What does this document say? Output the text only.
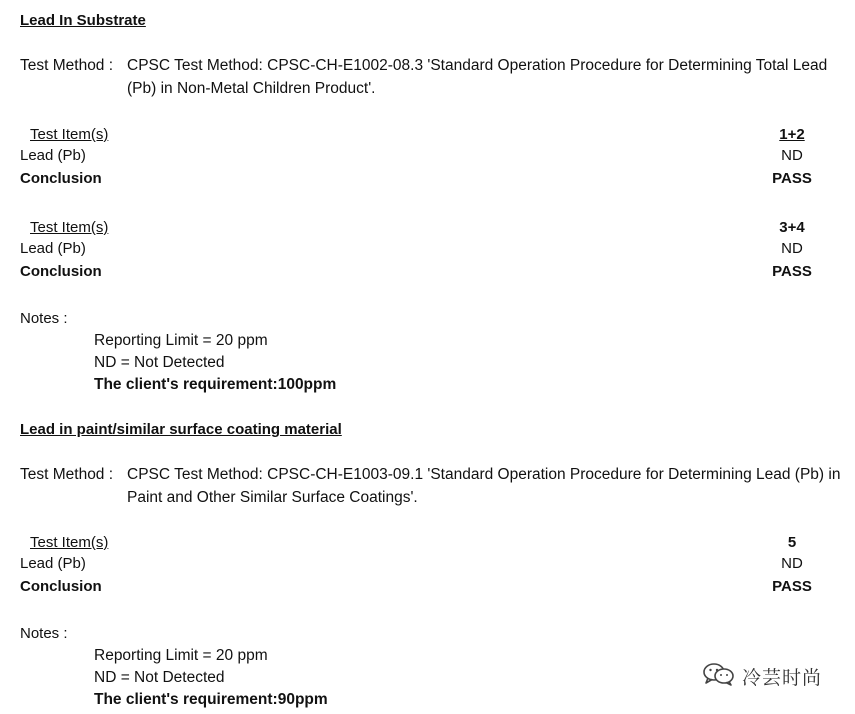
Lead In Substrate
Test Method : CPSC Test Method: CPSC-CH-E1002-08.3 'Standard Operation Procedure for Determining Total Lead (Pb) in Non-Metal Children Product'.
Test Item(s)	1+2
Lead (Pb)	ND
Conclusion	PASS
Test Item(s)	3+4
Lead (Pb)	ND
Conclusion	PASS
Notes :
Reporting Limit = 20 ppm
ND = Not Detected
The client's requirement:100ppm
Lead in paint/similar surface coating material
Test Method : CPSC Test Method: CPSC-CH-E1003-09.1 'Standard Operation Procedure for Determining Lead (Pb) in Paint and Other Similar Surface Coatings'.
Test Item(s)	5
Lead (Pb)	ND
Conclusion	PASS
Notes :
Reporting Limit = 20 ppm
ND = Not Detected
The client's requirement:90ppm
冷芸时尚
